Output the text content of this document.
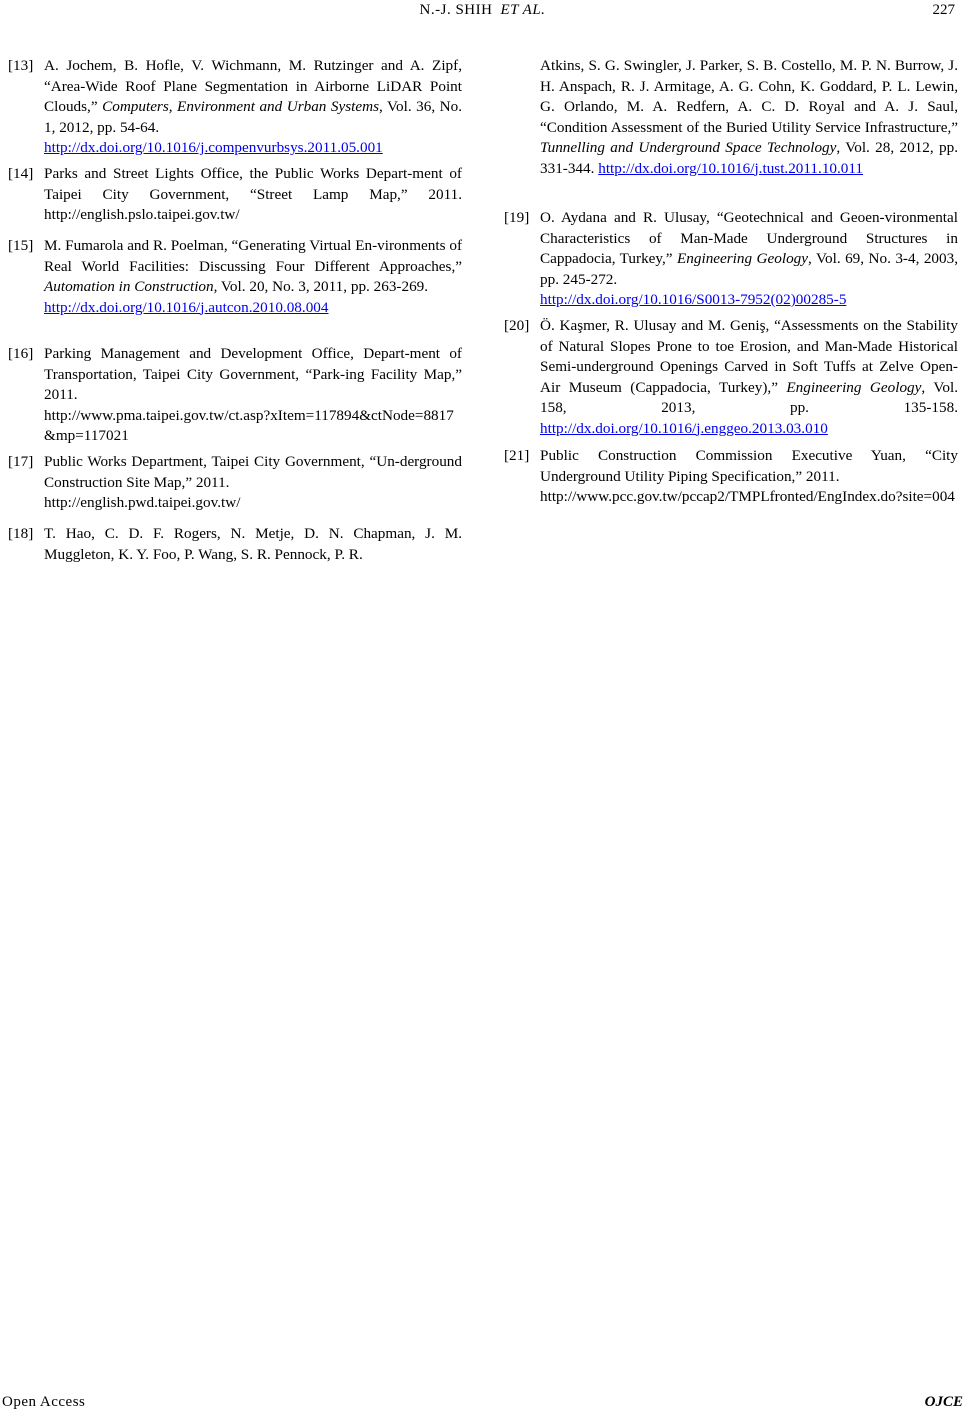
N.-J. SHIH ET AL.	227
[13] A. Jochem, B. Hofle, V. Wichmann, M. Rutzinger and A. Zipf, “Area-Wide Roof Plane Segmentation in Airborne LiDAR Point Clouds,” Computers, Environment and Urban Systems, Vol. 36, No. 1, 2012, pp. 54-64.

http://dx.doi.org/10.1016/j.compenvurbsys.2011.05.001

[14] Parks and Street Lights Office, the Public Works Depart-ment of Taipei City Government, “Street Lamp Map,” 2011. http://english.pslo.taipei.gov.tw/

[15] M. Fumarola and R. Poelman, “Generating Virtual En-vironments of Real World Facilities: Discussing Four Different Approaches,” Automation in Construction, Vol. 20, No. 3, 2011, pp. 263-269.

http://dx.doi.org/10.1016/j.autcon.2010.08.004

[16] Parking Management and Development Office, Depart-ment of Transportation, Taipei City Government, “Park-ing Facility Map,” 2011.

http://www.pma.taipei.gov.tw/ct.asp?xItem=117894&ctNode=8817&mp=117021

[17] Public Works Department, Taipei City Government, “Un-derground Construction Site Map,” 2011.

http://english.pwd.taipei.gov.tw/

[18] T. Hao, C. D. F. Rogers, N. Metje, D. N. Chapman, J. M. Muggleton, K. Y. Foo, P. Wang, S. R. Pennock, P. R.

Atkins, S. G. Swingler, J. Parker, S. B. Costello, M. P. N. Burrow, J. H. Anspach, R. J. Armitage, A. G. Cohn, K. Goddard, P. L. Lewin, G. Orlando, M. A. Redfern, A. C. D. Royal and A. J. Saul, “Condition Assessment of the Buried Utility Service Infrastructure,” Tunnelling and Underground Space Technology, Vol. 28, 2012, pp. 331-344. http://dx.doi.org/10.1016/j.tust.2011.10.011

[19] O. Aydana and R. Ulusay, “Geotechnical and Geoen-vironmental Characteristics of Man-Made Underground Structures in Cappadocia, Turkey,” Engineering Geology, Vol. 69, No. 3-4, 2003, pp. 245-272.

http://dx.doi.org/10.1016/S0013-7952(02)00285-5

[20] Ö. Kaşmer, R. Ulusay and M. Geniş, “Assessments on the Stability of Natural Slopes Prone to toe Erosion, and Man-Made Historical Semi-underground Openings Carved in Soft Tuffs at Zelve Open-Air Museum (Cappadocia, Turkey),” Engineering Geology, Vol. 158, 2013, pp. 135-158. http://dx.doi.org/10.1016/j.enggeo.2013.03.010

[21] Public Construction Commission Executive Yuan, “City Underground Utility Piping Specification,” 2011.

http://www.pcc.gov.tw/pccap2/TMPLfronted/EngIndex.do?site=004

Open Access	OJCE
